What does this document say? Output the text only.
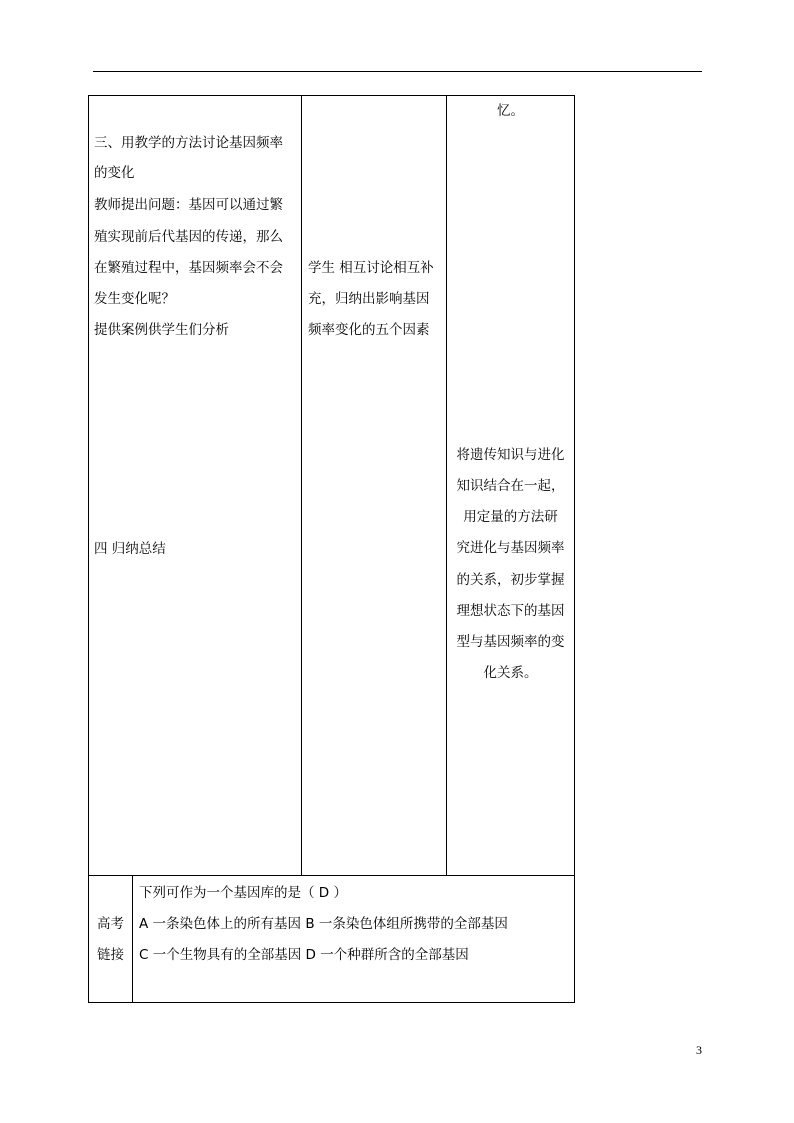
三、用教学的方法讨论基因频率
的变化
教师提出问题：基因可以通过繁
殖实现前后代基因的传递，那么
在繁殖过程中，基因频率会不会
发生变化呢？
提供案例供学生们分析
四 归纳总结
学生 相互讨论相互补
充，归纳出影响基因
频率变化的五个因素
忆。
将遗传知识与进化
知识结合在一起，
用定量的方法研
究进化与基因频率
的关系，初步掌握
理想状态下的基因
型与基因频率的变
化关系。
高考
链接
下列可作为一个基因库的是（ D ）
A 一条染色体上的所有基因 B 一条染色体组所携带的全部基因
C 一个生物具有的全部基因 D 一个种群所含的全部基因
3
